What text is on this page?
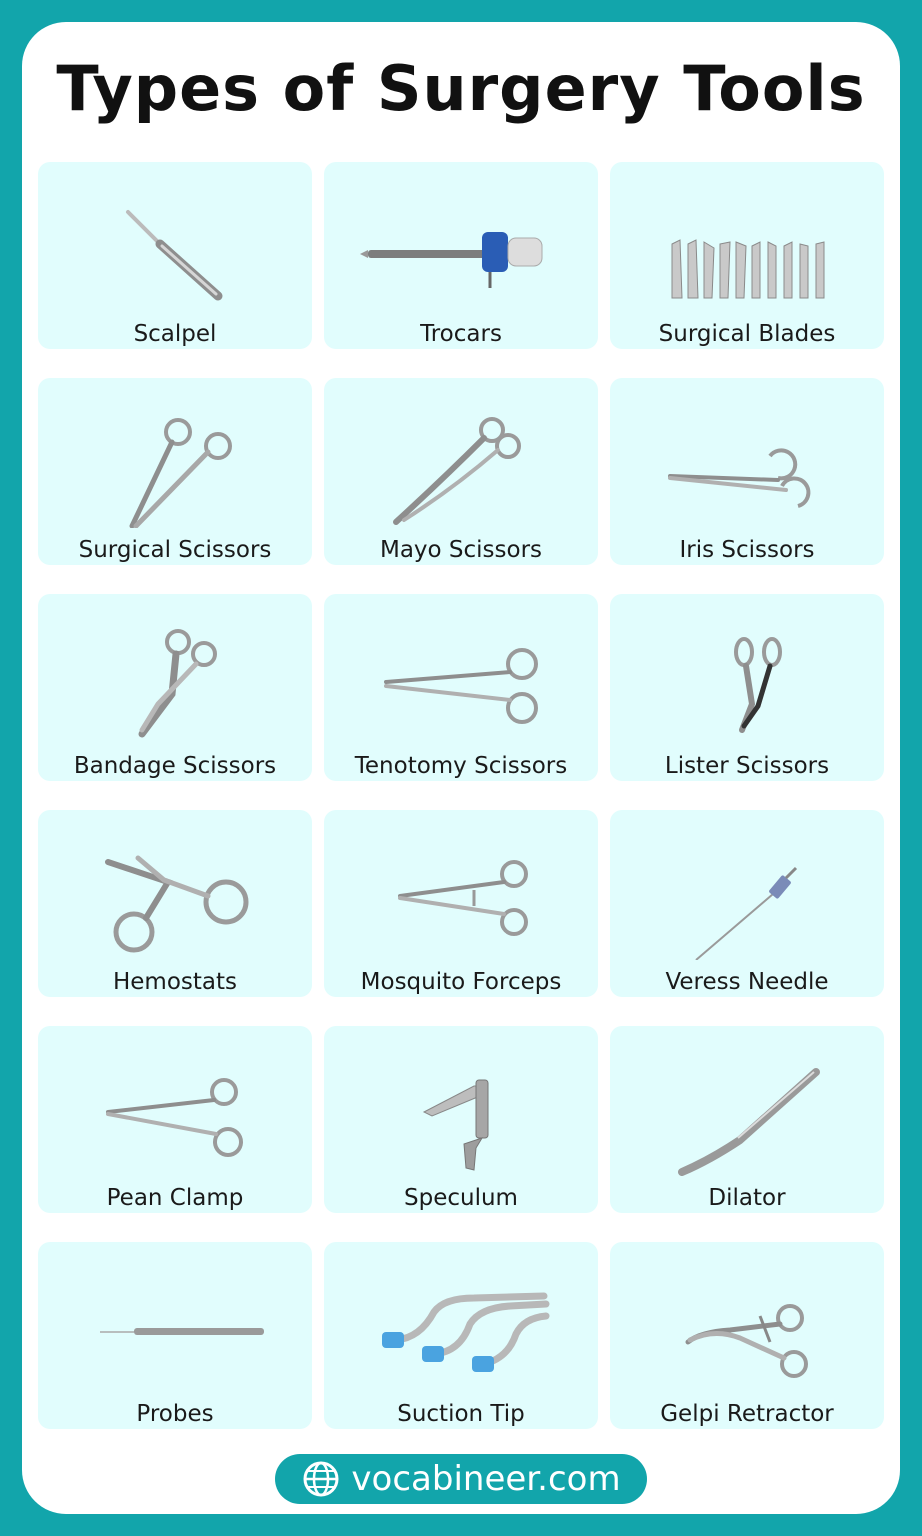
Types of Surgery Tools
Scalpel	Trocars	Surgical Blades
Surgical Scissors	Mayo Scissors	Iris Scissors
Bandage Scissors	Tenotomy Scissors	Lister Scissors
Hemostats	Mosquito Forceps	Veress Needle
Pean Clamp	Speculum	Dilator
Probes	Suction Tip	Gelpi Retractor
vocabineer.com
